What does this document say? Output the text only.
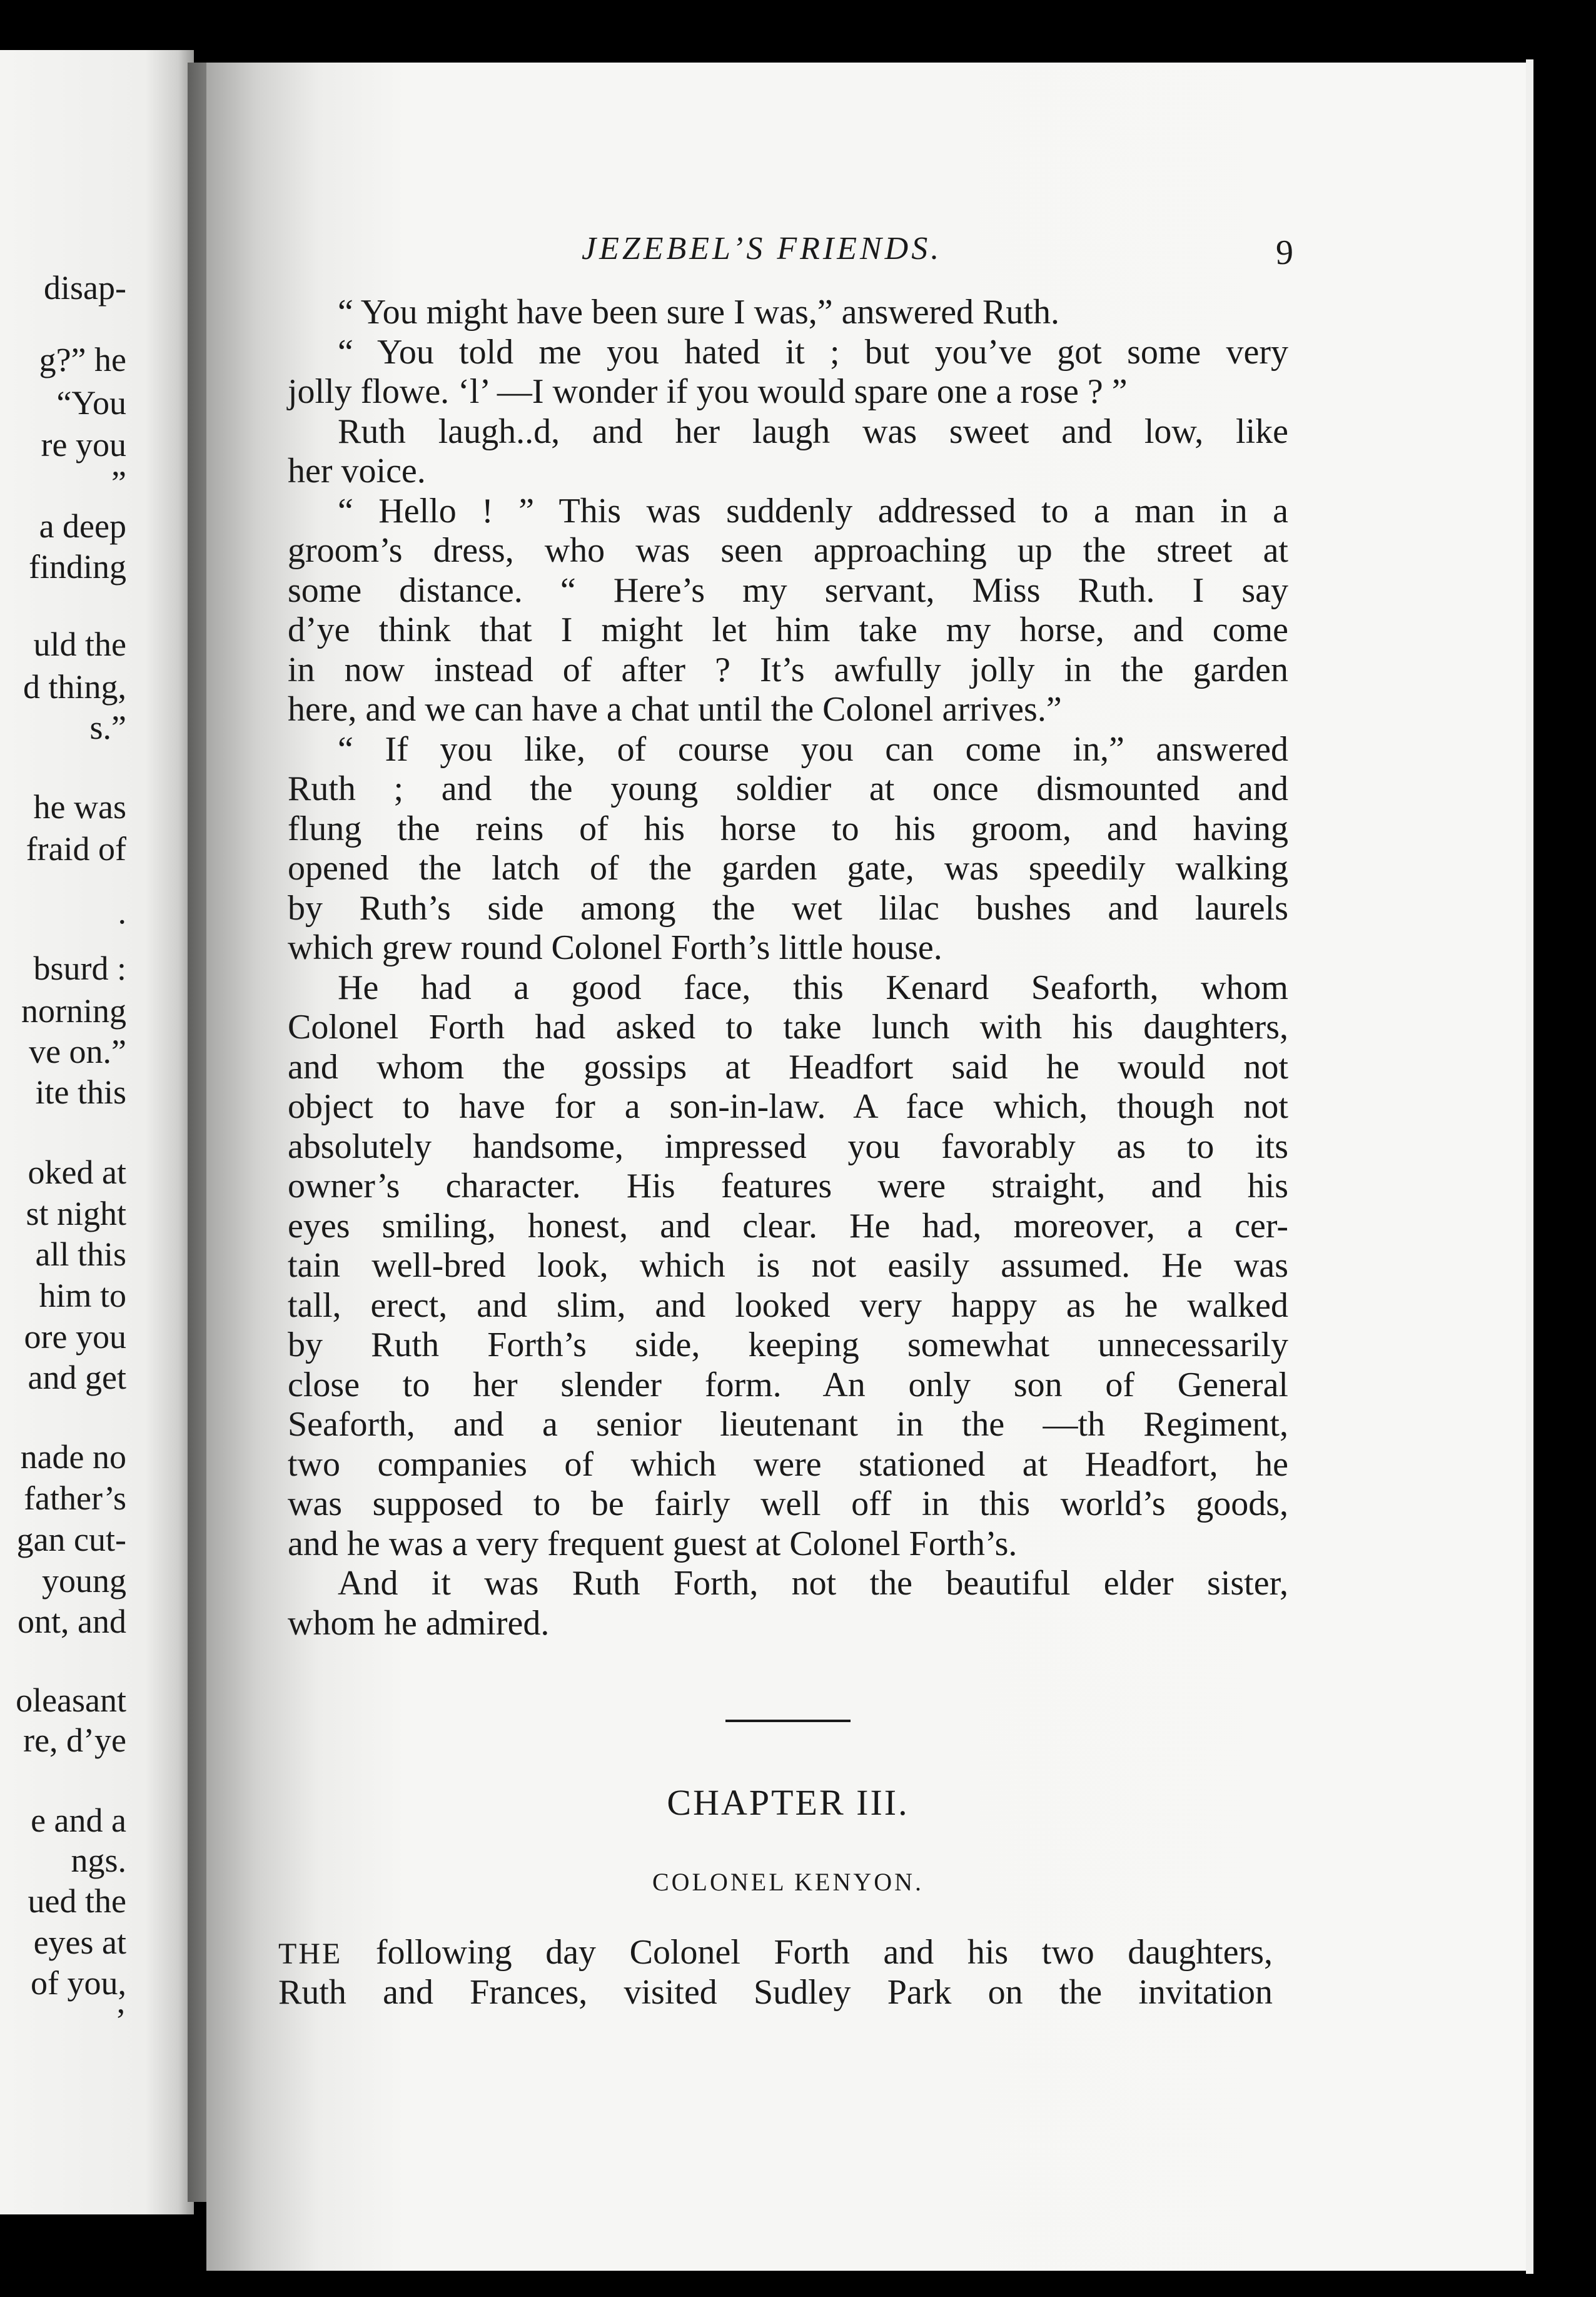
disap-
g?” he
“You
re you
”
a deep
finding
uld the
d thing,
s.”
he was
fraid of
.
bsurd :
norning
ve on.”
ite this
oked at
st night
all this
him to
ore you
and get
nade no
father’s
gan cut-
young
ont, and
oleasant
re, d’ye
e and a
ngs.
ued the
eyes at
of you,
’
JEZEBEL’S FRIENDS.	9
“ You might have been sure I was,” answered Ruth.
“ You told me you hated it ; but you’ve got some very
jolly flowe. ‘l’ —I wonder if you would spare one a rose ? ”
Ruth laugh..d, and her laugh was sweet and low, like
her voice.
“ Hello ! ” This was suddenly addressed to a man in a
groom’s dress, who was seen approaching up the street at
some distance. “ Here’s my servant, Miss Ruth. I say
d’ye think that I might let him take my horse, and come
in now instead of after ? It’s awfully jolly in the garden
here, and we can have a chat until the Colonel arrives.”
“ If you like, of course you can come in,” answered
Ruth ; and the young soldier at once dismounted and
flung the reins of his horse to his groom, and having
opened the latch of the garden gate, was speedily walking
by Ruth’s side among the wet lilac bushes and laurels
which grew round Colonel Forth’s little house.
He had a good face, this Kenard Seaforth, whom
Colonel Forth had asked to take lunch with his daughters,
and whom the gossips at Headfort said he would not
object to have for a son-in-law. A face which, though not
absolutely handsome, impressed you favorably as to its
owner’s character. His features were straight, and his
eyes smiling, honest, and clear. He had, moreover, a cer-
tain well-bred look, which is not easily assumed. He was
tall, erect, and slim, and looked very happy as he walked
by Ruth Forth’s side, keeping somewhat unnecessarily
close to her slender form. An only son of General
Seaforth, and a senior lieutenant in the —th Regiment,
two companies of which were stationed at Headfort, he
was supposed to be fairly well off in this world’s goods,
and he was a very frequent guest at Colonel Forth’s.
And it was Ruth Forth, not the beautiful elder sister,
whom he admired.
CHAPTER III.
COLONEL KENYON.
THE following day Colonel Forth and his two daughters,
Ruth and Frances, visited Sudley Park on the invitation
